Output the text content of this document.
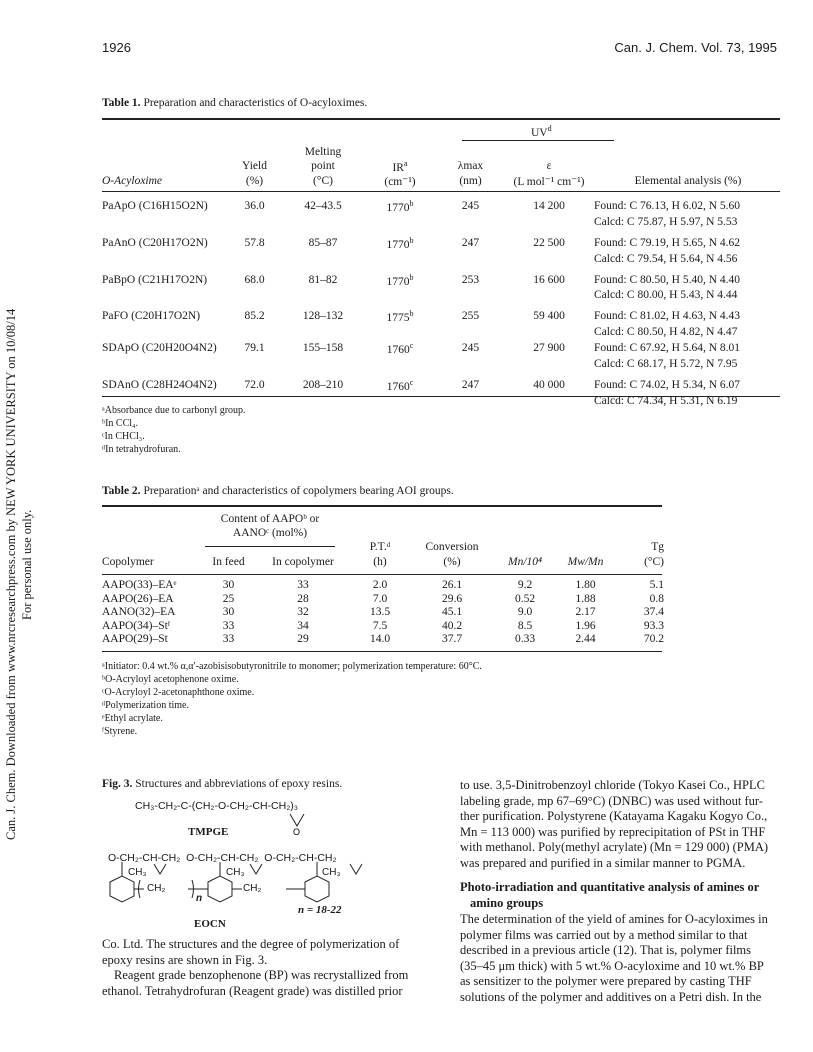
Can. J. Chem. Downloaded from www.nrcresearchpress.com by NEW YORK UNIVERSITY on 10/08/14 For personal use only.
1926	Can. J. Chem. Vol. 73, 1995
Table 1. Preparation and characteristics of O-acyloximes.
$UV^d$
		Melting				
	Yield	point	$IR^a$	λmax	ε	
O-Acyloxime	(%)	(°C)	(cm⁻¹)	(nm)	(L mol⁻¹ cm⁻¹)	Elemental analysis (%)
PaApO (C16H15O2N)	36.0	42–43.5	1770$^b$	245	14 200	Found: C 76.13, H 6.02, N 5.60
						Calcd: C 75.87, H 5.97, N 5.53

PaAnO (C20H17O2N)	57.8	85–87	1770$^b$	247	22 500	Found: C 79.19, H 5.65, N 4.62
						Calcd: C 79.54, H 5.64, N 4.56

PaBpO (C21H17O2N)	68.0	81–82	1770$^b$	253	16 600	Found: C 80.50, H 5.40, N 4.40
						Calcd: C 80.00, H 5.43, N 4.44

PaFO (C20H17O2N)	85.2	128–132	1775$^b$	255	59 400	Found: C 81.02, H 4.63, N 4.43
						Calcd: C 80.50, H 4.82, N 4.47

SDApO (C20H20O4N2)	79.1	155–158	1760$^c$	245	27 900	Found: C 67.92, H 5.64, N 8.01
						Calcd: C 68.17, H 5.72, N 7.95

SDAnO (C28H24O4N2)	72.0	208–210	1760$^c$	247	40 000	Found: C 74.02, H 5.34, N 6.07
						Calcd: C 74.34, H 5.31, N 6.19

ᵃAbsorbance due to carbonyl group.
ᵇIn CCl₄.
ᶜIn CHCl₃.
ᵈIn tetrahydrofuran.
Table 2. Preparationᵃ and characteristics of copolymers bearing AOI groups.
Content of AAPOᵇ or
AANOᶜ (mol%)
			P.T.ᵈ	Conversion			Tg
Copolymer	In feed	In copolymer	(h)	(%)	Mn/10⁴	Mw/Mn	(°C)
AAPO(33)–EAᵉ	30	33	2.0	26.1	9.2	1.80	5.1
AAPO(26)–EA	25	28	7.0	29.6	0.52	1.88	0.8
AANO(32)–EA	30	32	13.5	45.1	9.0	2.17	37.4
AAPO(34)–Stᶠ	33	34	7.5	40.2	8.5	1.96	93.3
AAPO(29)–St	33	29	14.0	37.7	0.33	2.44	70.2
ᵃInitiator: 0.4 wt.% α,α′-azobisisobutyronitrile to monomer; polymerization temperature: 60°C.
ᵇO-Acryloyl acetophenone oxime.
ᶜO-Acryloyl 2-acetonaphthone oxime.
ᵈPolymerization time.
ᵉEthyl acrylate.
ᶠStyrene.
Fig. 3. Structures and abbreviations of epoxy resins.
CH₃-CH₂-C-(CH₂-O-CH₂-CH-CH₂)₃
O
TMPGE
O-CH₂-CH-CH₂  O-CH₂-CH-CH₂  O-CH₂-CH-CH₂
CH₃	CH₃	CH₃
CH₂	CH₂
n
n = 18-22
EOCN
Co. Ltd. The structures and the degree of polymerization of
epoxy resins are shown in Fig. 3.
Reagent grade benzophenone (BP) was recrystallized from
ethanol. Tetrahydrofuran (Reagent grade) was distilled prior
to use. 3,5-Dinitrobenzoyl chloride (Tokyo Kasei Co., HPLC
labeling grade, mp 67–69°C) (DNBC) was used without fur-
ther purification. Polystyrene (Katayama Kagaku Kogyo Co.,
Mn = 113 000) was purified by reprecipitation of PSt in THF
with methanol. Poly(methyl acrylate) (Mn = 129 000) (PMA)
was prepared and purified in a similar manner to PGMA.
Photo-irradiation and quantitative analysis of amines or
amino groups
The determination of the yield of amines for O-acyloximes in
polymer films was carried out by a method similar to that
described in a previous article (12). That is, polymer films
(35–45 μm thick) with 5 wt.% O-acyloxime and 10 wt.% BP
as sensitizer to the polymer were prepared by casting THF
solutions of the polymer and additives on a Petri dish. In the
